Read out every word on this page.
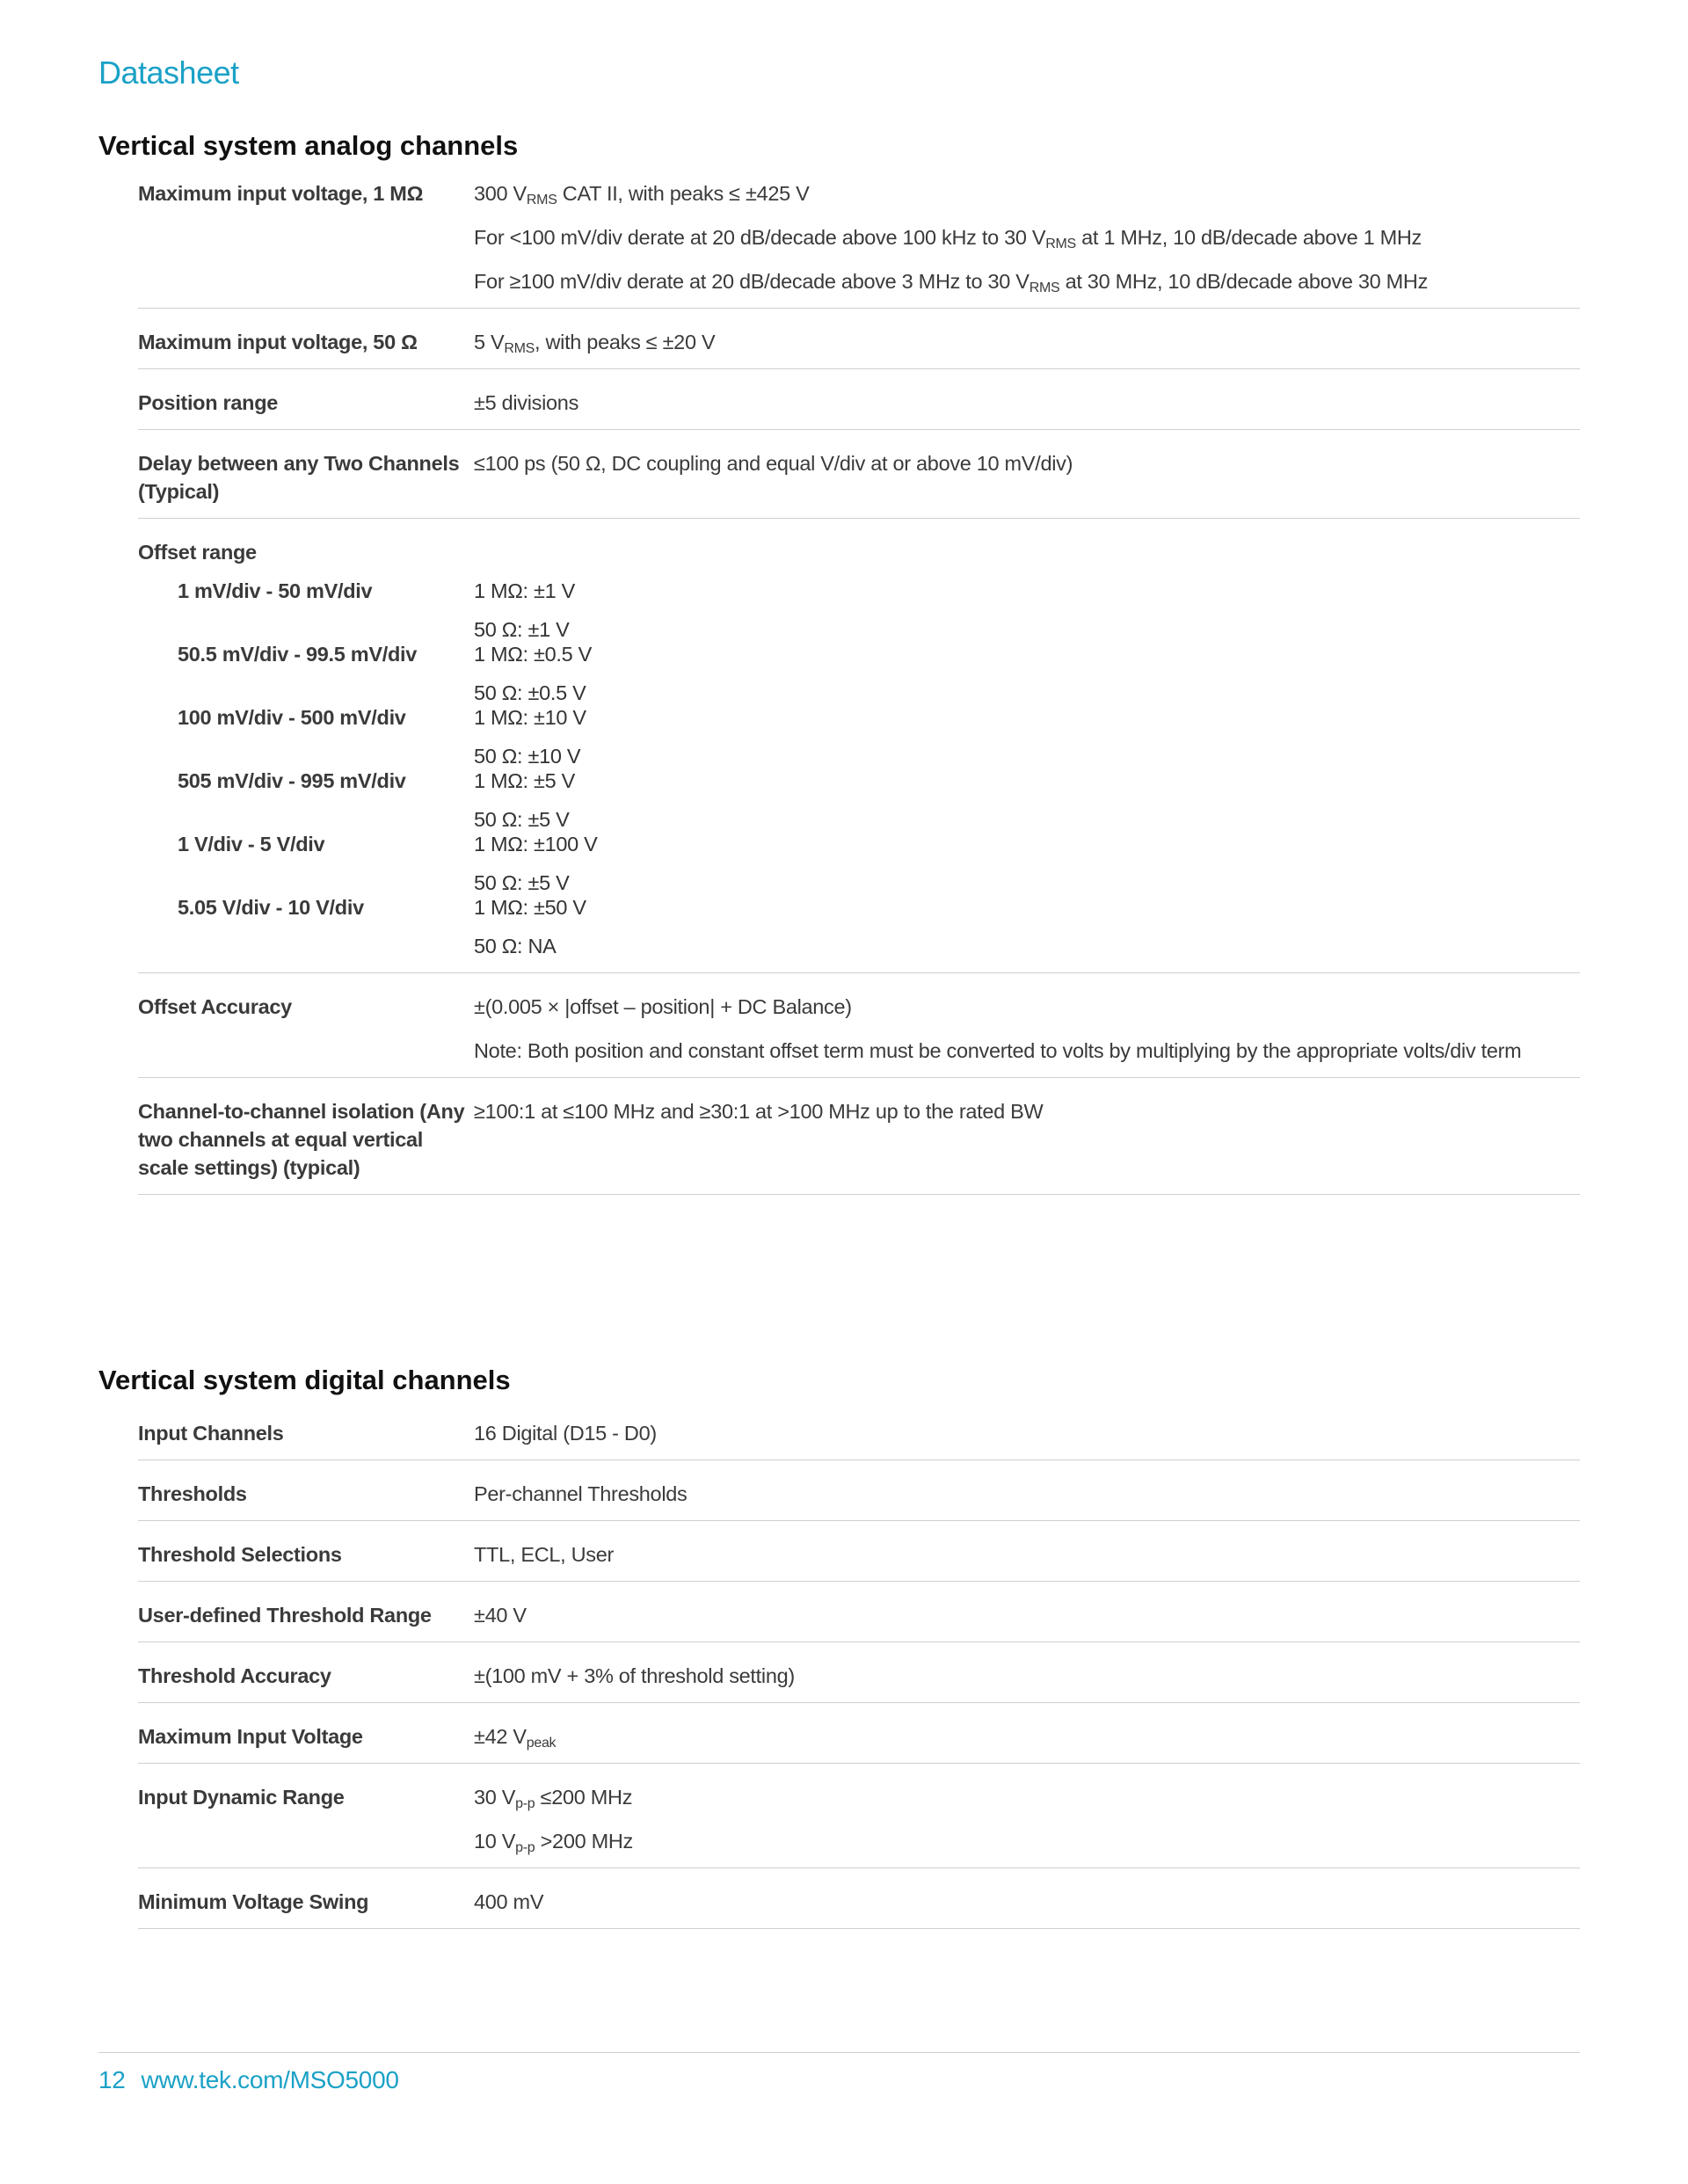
Datasheet
Vertical system analog channels
Maximum input voltage, 1 MΩ	300 $V_{RMS}$ CAT II, with peaks ≤ ±425 V
For <100 mV/div derate at 20 dB/decade above 100 kHz to 30 $V_{RMS}$ at 1 MHz, 10 dB/decade above 1 MHz
For ≥100 mV/div derate at 20 dB/decade above 3 MHz to 30 $V_{RMS}$ at 30 MHz, 10 dB/decade above 30 MHz
Maximum input voltage, 50 Ω	5 $V_{RMS}$, with peaks ≤ ±20 V
Position range	±5 divisions
Delay between any Two Channels (Typical)
≤100 ps (50 Ω, DC coupling and equal V/div at or above 10 mV/div)
Offset range
1 mV/div - 50 mV/div	1 MΩ: ±1 V
50 Ω: ±1 V
50.5 mV/div - 99.5 mV/div	1 MΩ: ±0.5 V
50 Ω: ±0.5 V
100 mV/div - 500 mV/div	1 MΩ: ±10 V
50 Ω: ±10 V
505 mV/div - 995 mV/div	1 MΩ: ±5 V
50 Ω: ±5 V
1 V/div - 5 V/div	1 MΩ: ±100 V
50 Ω: ±5 V
5.05 V/div - 10 V/div	1 MΩ: ±50 V
50 Ω: NA
Offset Accuracy	±(0.005 × |offset – position| + DC Balance)
Note: Both position and constant offset term must be converted to volts by multiplying by the appropriate volts/div term
Channel-to-channel isolation (Any two channels at equal vertical scale settings) (typical)
≥100:1 at ≤100 MHz and ≥30:1 at >100 MHz up to the rated BW
Vertical system digital channels
Input Channels	16 Digital (D15 - D0)
Thresholds	Per-channel Thresholds
Threshold Selections	TTL, ECL, User
User-defined Threshold Range	±40 V
Threshold Accuracy	±(100 mV + 3% of threshold setting)
Maximum Input Voltage	±42 $V_{peak}$
Input Dynamic Range	30 $V_{p-p} \le 200$ MHz
10 $V_{p-p} >200$ MHz
Minimum Voltage Swing	400 mV
12 www.tek.com/MSO5000
